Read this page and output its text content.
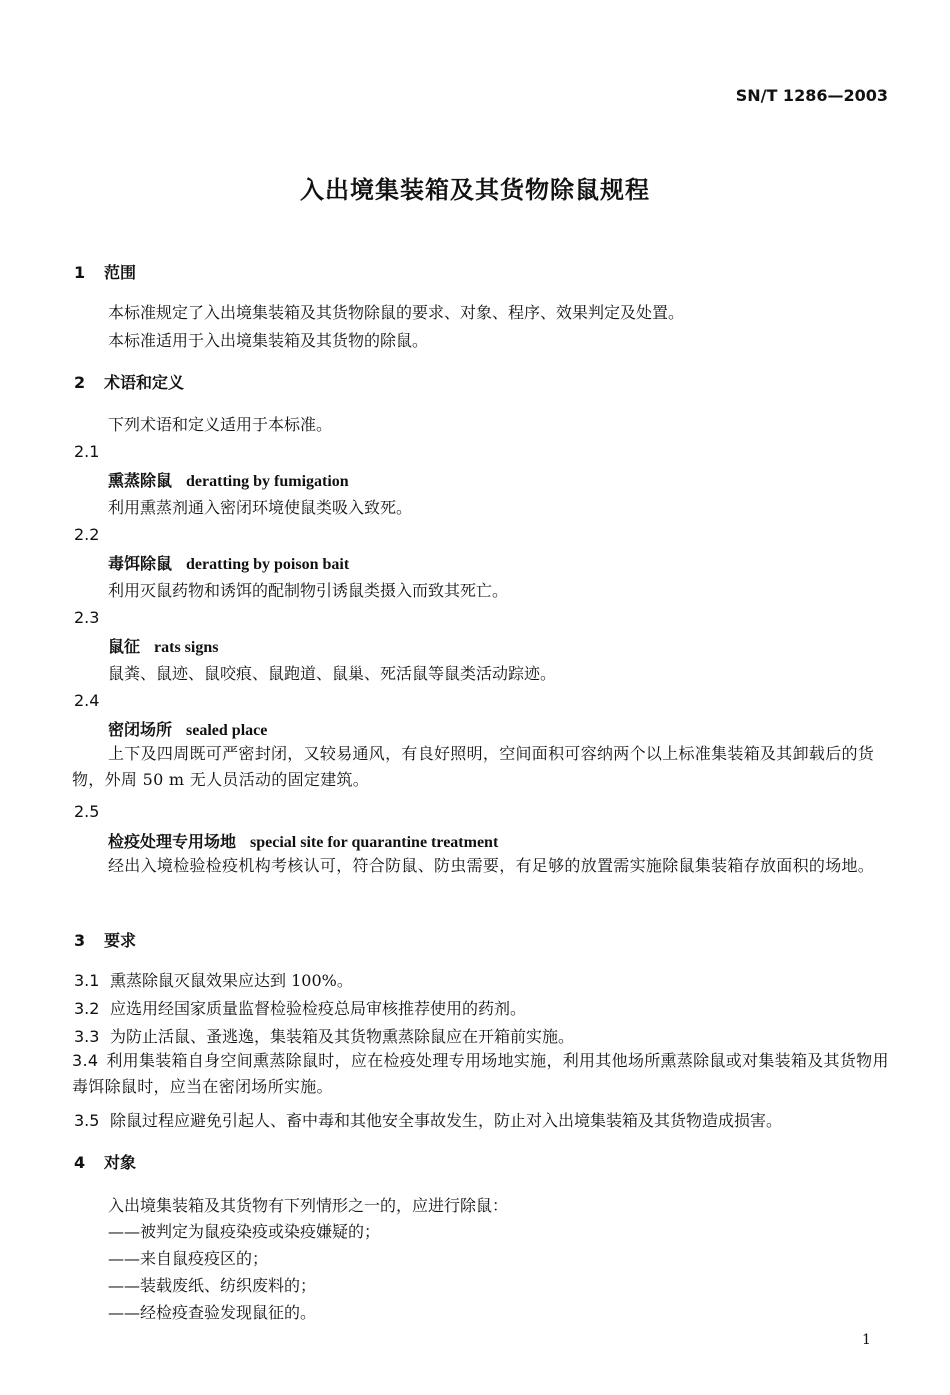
SN/T 1286—2003
入出境集装箱及其货物除鼠规程
1 范围
本标准规定了入出境集装箱及其货物除鼠的要求、对象、程序、效果判定及处置。
本标准适用于入出境集装箱及其货物的除鼠。
2 术语和定义
下列术语和定义适用于本标准。
2.1
熏蒸除鼠 deratting by fumigation
利用熏蒸剂通入密闭环境使鼠类吸入致死。
2.2
毒饵除鼠 deratting by poison bait
利用灭鼠药物和诱饵的配制物引诱鼠类摄入而致其死亡。
2.3
鼠征 rats signs
鼠粪、鼠迹、鼠咬痕、鼠跑道、鼠巢、死活鼠等鼠类活动踪迹。
2.4
密闭场所 sealed place
上下及四周既可严密封闭，又较易通风，有良好照明，空间面积可容纳两个以上标准集装箱及其卸载后的货物，外周 50 m 无人员活动的固定建筑。
2.5
检疫处理专用场地 special site for quarantine treatment
经出入境检验检疫机构考核认可，符合防鼠、防虫需要，有足够的放置需实施除鼠集装箱存放面积的场地。
3 要求
3.1 熏蒸除鼠灭鼠效果应达到 100%。
3.2 应选用经国家质量监督检验检疫总局审核推荐使用的药剂。
3.3 为防止活鼠、蚤逃逸，集装箱及其货物熏蒸除鼠应在开箱前实施。
3.4 利用集装箱自身空间熏蒸除鼠时，应在检疫处理专用场地实施，利用其他场所熏蒸除鼠或对集装箱及其货物用毒饵除鼠时，应当在密闭场所实施。
3.5 除鼠过程应避免引起人、畜中毒和其他安全事故发生，防止对入出境集装箱及其货物造成损害。
4 对象
入出境集装箱及其货物有下列情形之一的，应进行除鼠：
——被判定为鼠疫染疫或染疫嫌疑的；
——来自鼠疫疫区的；
——装载废纸、纺织废料的；
——经检疫查验发现鼠征的。
1
